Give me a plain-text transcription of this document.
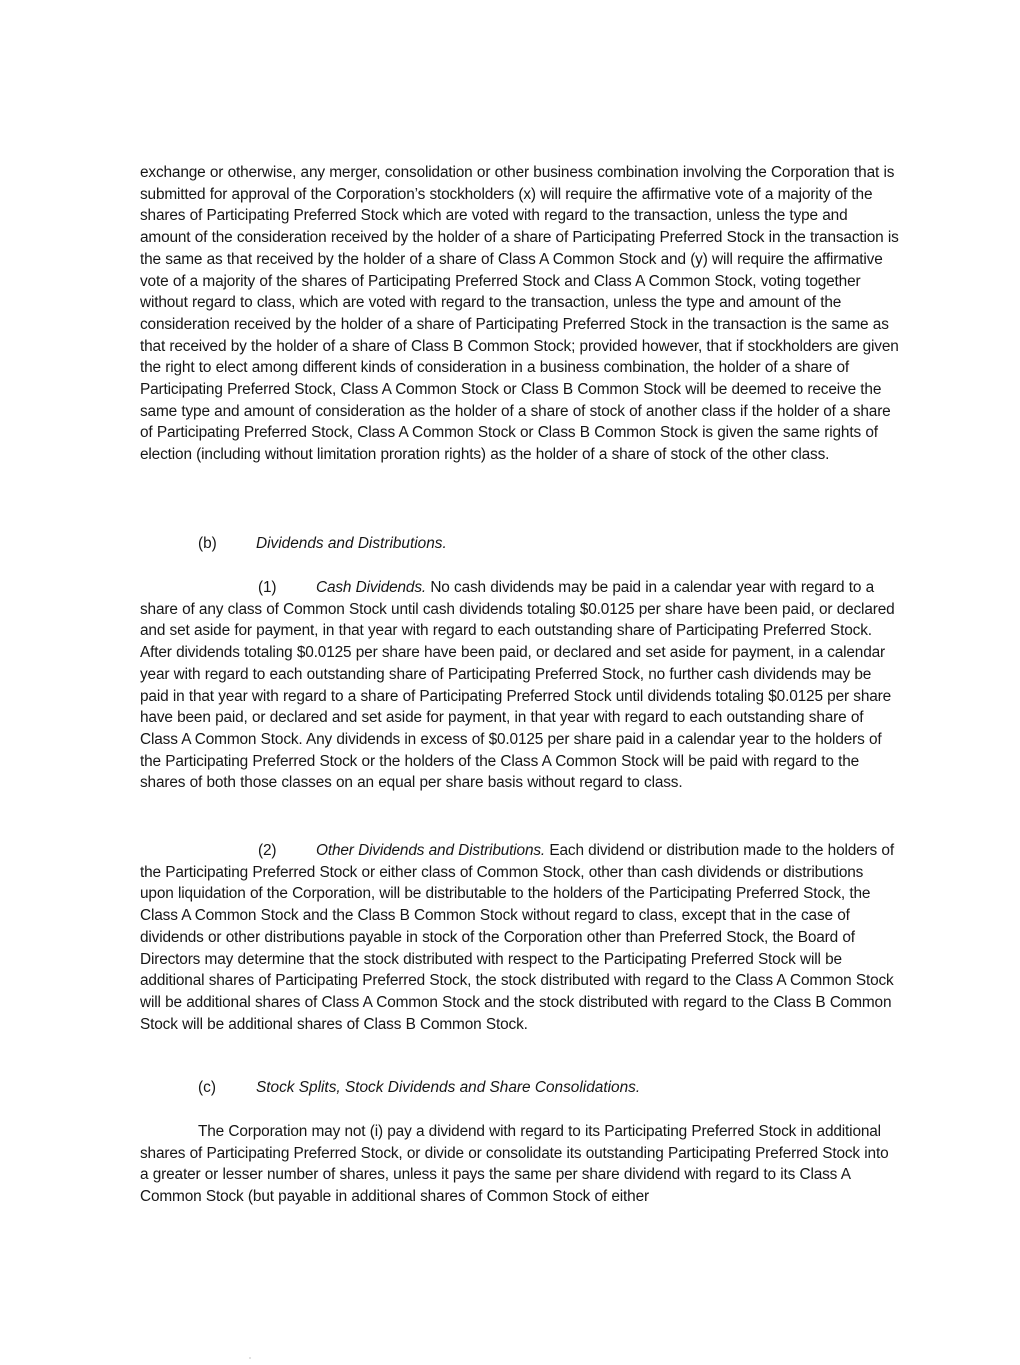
exchange or otherwise, any merger, consolidation or other business combination involving the Corporation that is submitted for approval of the Corporation’s stockholders (x) will require the affirmative vote of a majority of the shares of Participating Preferred Stock which are voted with regard to the transaction, unless the type and amount of the consideration received by the holder of a share of Participating Preferred Stock in the transaction is the same as that received by the holder of a share of Class A Common Stock and (y) will require the affirmative vote of a majority of the shares of Participating Preferred Stock and Class A Common Stock, voting together without regard to class, which are voted with regard to the transaction, unless the type and amount of the consideration received by the holder of a share of Participating Preferred Stock in the transaction is the same as that received by the holder of a share of Class B Common Stock; provided however, that if stockholders are given the right to elect among different kinds of consideration in a business combination, the holder of a share of Participating Preferred Stock, Class A Common Stock or Class B Common Stock will be deemed to receive the same type and amount of consideration as the holder of a share of stock of another class if the holder of a share of Participating Preferred Stock, Class A Common Stock or Class B Common Stock is given the same rights of election (including without limitation proration rights) as the holder of a share of stock of the other class.

(b)	Dividends and Distributions.

(1)	Cash Dividends. No cash dividends may be paid in a calendar year with regard to a share of any class of Common Stock until cash dividends totaling $0.0125 per share have been paid, or declared and set aside for payment, in that year with regard to each outstanding share of Participating Preferred Stock. After dividends totaling $0.0125 per share have been paid, or declared and set aside for payment, in a calendar year with regard to each outstanding share of Participating Preferred Stock, no further cash dividends may be paid in that year with regard to a share of Participating Preferred Stock until dividends totaling $0.0125 per share have been paid, or declared and set aside for payment, in that year with regard to each outstanding share of Class A Common Stock. Any dividends in excess of $0.0125 per share paid in a calendar year to the holders of the Participating Preferred Stock or the holders of the Class A Common Stock will be paid with regard to the shares of both those classes on an equal per share basis without regard to class.

(2)	Other Dividends and Distributions. Each dividend or distribution made to the holders of the Participating Preferred Stock or either class of Common Stock, other than cash dividends or distributions upon liquidation of the Corporation, will be distributable to the holders of the Participating Preferred Stock, the Class A Common Stock and the Class B Common Stock without regard to class, except that in the case of dividends or other distributions payable in stock of the Corporation other than Preferred Stock, the Board of Directors may determine that the stock distributed with respect to the Participating Preferred Stock will be additional shares of Participating Preferred Stock, the stock distributed with regard to the Class A Common Stock will be additional shares of Class A Common Stock and the stock distributed with regard to the Class B Common Stock will be additional shares of Class B Common Stock.

(c)	Stock Splits, Stock Dividends and Share Consolidations.

The Corporation may not (i) pay a dividend with regard to its Participating Preferred Stock in additional shares of Participating Preferred Stock, or divide or consolidate its outstanding Participating Preferred Stock into a greater or lesser number of shares, unless it pays the same per share dividend with regard to its Class A Common Stock (but payable in additional shares of Common Stock of either
